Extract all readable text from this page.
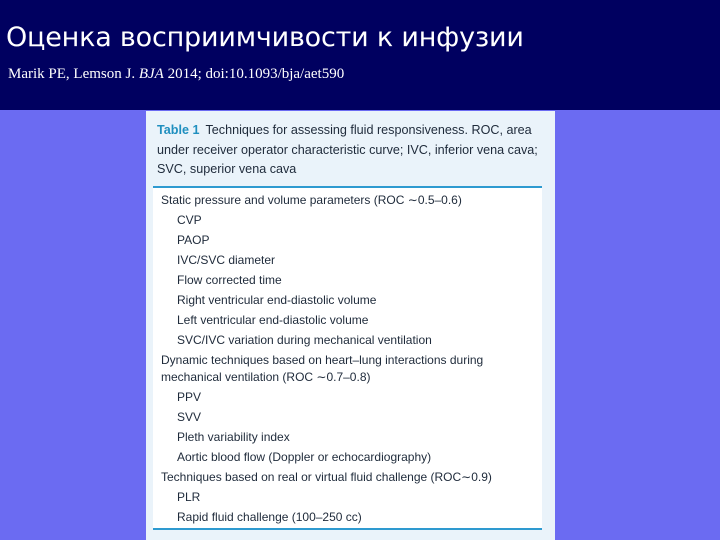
Оценка восприимчивости к инфузии
Marik PE, Lemson J. BJA 2014; doi:10.1093/bja/aet590
Table 1 Techniques for assessing fluid responsiveness. ROC, area
under receiver operator characteristic curve; IVC, inferior vena cava;
SVC, superior vena cava
Static pressure and volume parameters (ROC ∼0.5–0.6)
CVP
PAOP
IVC/SVC diameter
Flow corrected time
Right ventricular end-diastolic volume
Left ventricular end-diastolic volume
SVC/IVC variation during mechanical ventilation
Dynamic techniques based on heart–lung interactions during
mechanical ventilation (ROC ∼0.7–0.8)
PPV
SVV
Pleth variability index
Aortic blood flow (Doppler or echocardiography)
Techniques based on real or virtual fluid challenge (ROC∼0.9)
PLR
Rapid fluid challenge (100–250 cc)
